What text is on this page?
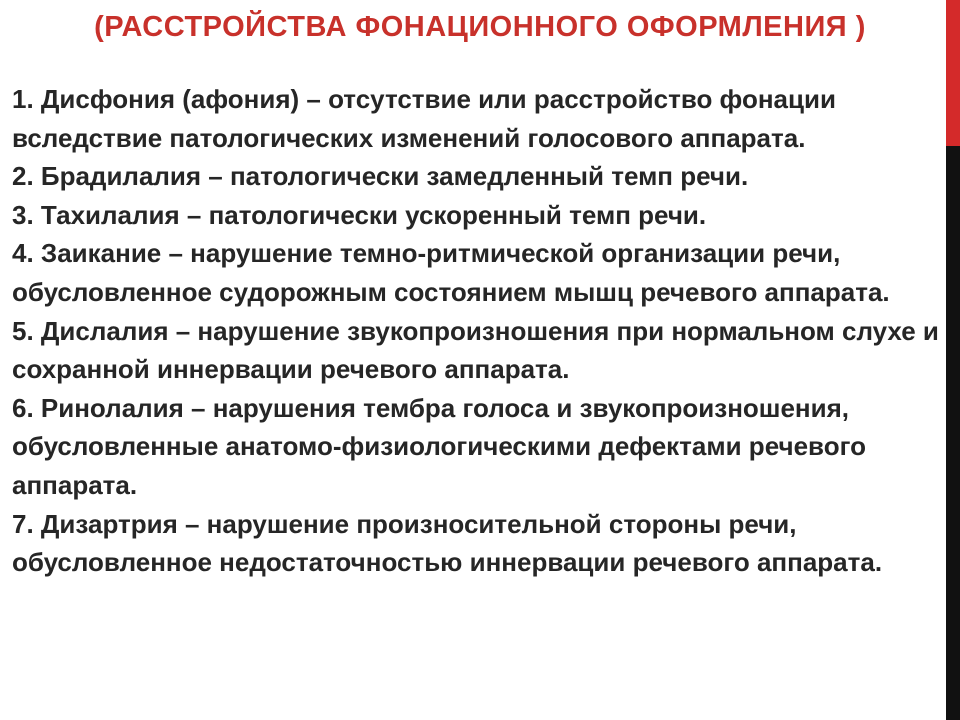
(РАССТРОЙСТВА ФОНАЦИОННОГО ОФОРМЛЕНИЯ )

1. Дисфония (афония) – отсутствие или расстройство фонации вследствие патологических изменений голосового аппарата.

2. Брадилалия – патологически замедленный темп речи.

3. Тахилалия – патологически ускоренный темп речи.

4. Заикание – нарушение темно-ритмической организации речи, обусловленное судорожным состоянием мышц речевого аппарата.

5. Дислалия – нарушение звукопроизношения при нормальном слухе и сохранной иннервации речевого аппарата.

6. Ринолалия – нарушения тембра голоса и звукопроизношения, обусловленные анатомо-физиологическими дефектами речевого аппарата.

7. Дизартрия – нарушение произносительной стороны речи, обусловленное недостаточностью иннервации речевого аппарата.
